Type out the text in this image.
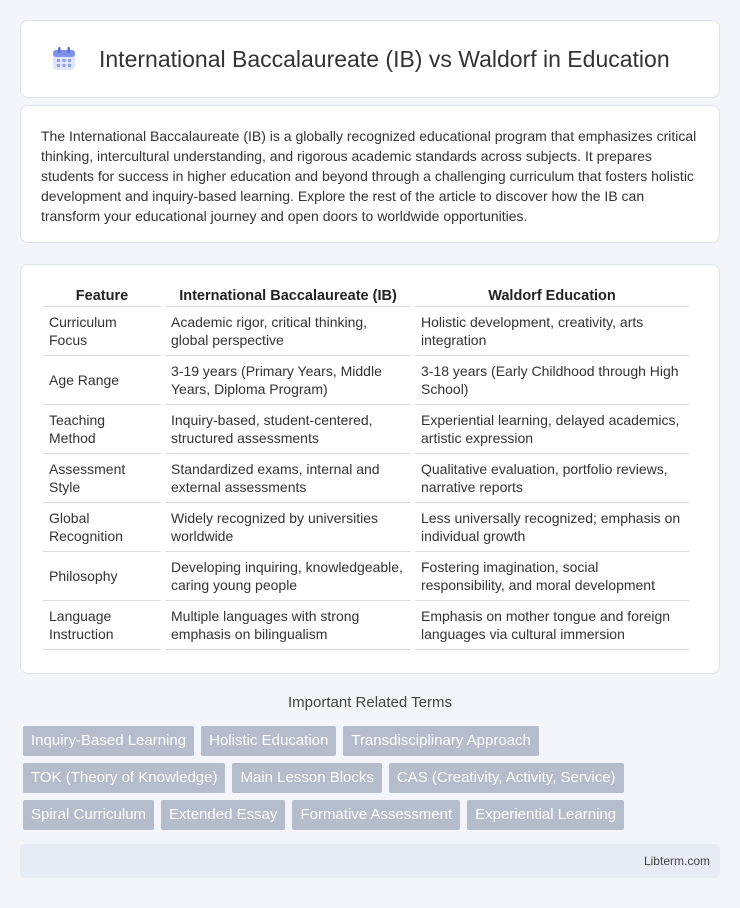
International Baccalaureate (IB) vs Waldorf in Education

The International Baccalaureate (IB) is a globally recognized educational program that emphasizes critical thinking, intercultural understanding, and rigorous academic standards across subjects. It prepares students for success in higher education and beyond through a challenging curriculum that fosters holistic development and inquiry-based learning. Explore the rest of the article to discover how the IB can transform your educational journey and open doors to worldwide opportunities.

Feature	International Baccalaureate (IB)	Waldorf Education
Curriculum Focus	Academic rigor, critical thinking, global perspective	Holistic development, creativity, arts integration
Age Range	3-19 years (Primary Years, Middle Years, Diploma Program)	3-18 years (Early Childhood through High School)
Teaching Method	Inquiry-based, student-centered, structured assessments	Experiential learning, delayed academics, artistic expression
Assessment Style	Standardized exams, internal and external assessments	Qualitative evaluation, portfolio reviews, narrative reports
Global Recognition	Widely recognized by universities worldwide	Less universally recognized; emphasis on individual growth
Philosophy	Developing inquiring, knowledgeable, caring young people	Fostering imagination, social responsibility, and moral development
Language Instruction	Multiple languages with strong emphasis on bilingualism	Emphasis on mother tongue and foreign languages via cultural immersion
Important Related Terms
Inquiry-Based Learning	Holistic Education	Transdisciplinary Approach
TOK (Theory of Knowledge)	Main Lesson Blocks	CAS (Creativity, Activity, Service)
Spiral Curriculum	Extended Essay	Formative Assessment	Experiential Learning
Libterm.com
